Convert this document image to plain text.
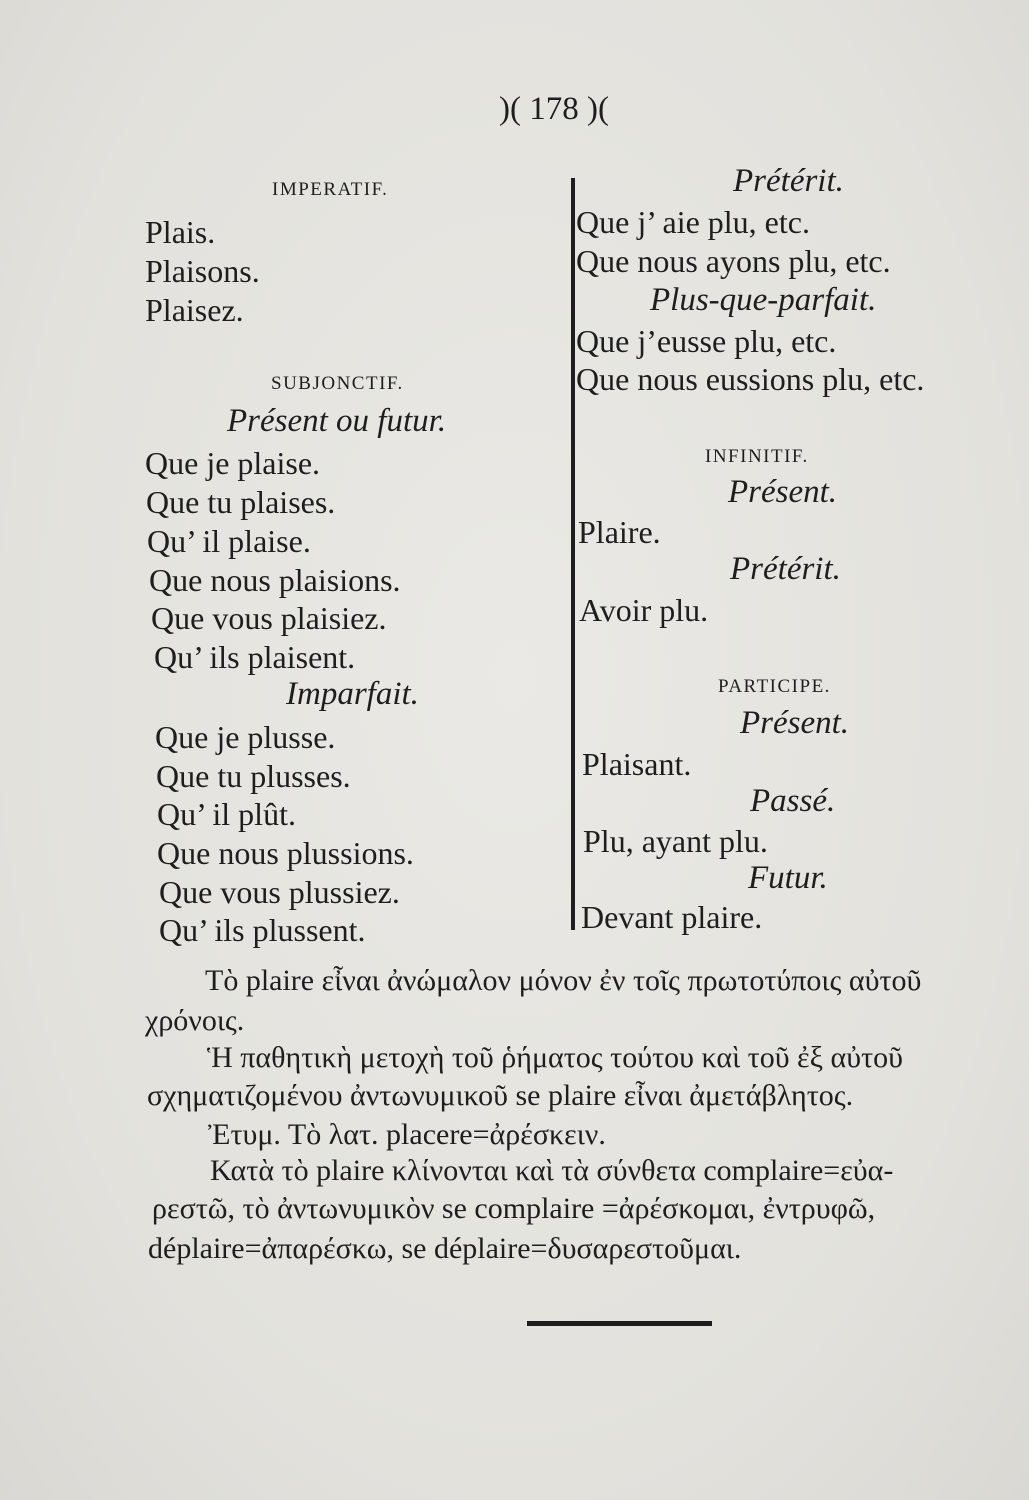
)( 178 )(
IMPERATIF.
Plais.
Plaisons.
Plaisez.
SUBJONCTIF.
Présent ou futur.
Que je plaise.
Que tu plaises.
Qu’ il plaise.
Que nous plaisions.
Que vous plaisiez.
Qu’ ils plaisent.
Imparfait.
Que je plusse.
Que tu plusses.
Qu’ il plût.
Que nous plussions.
Que vous plussiez.
Qu’ ils plussent.
Prétérit.
Que j’ aie plu, etc.
Que nous ayons plu, etc.
Plus-que-parfait.
Que j’eusse plu, etc.
Que nous eussions plu, etc.
INFINITIF.
Présent.
Plaire.
Prétérit.
Avoir plu.
PARTICIPE.
Présent.
Plaisant.
Passé.
Plu, ayant plu.
Futur.
Devant plaire.
Τὸ plaire εἶναι ἀνώμαλον μόνον ἐν τοῖς πρωτοτύποις αὐτοῦ
χρόνοις.
Ἡ παθητικὴ μετοχὴ τοῦ ῥήματος τούτου καὶ τοῦ ἐξ αὐτοῦ
σχηματιζομένου ἀντωνυμικοῦ se plaire εἶναι ἀμετάβλητος.
Ἐτυμ. Τὸ λατ. placere=ἀρέσκειν.
Κατὰ τὸ plaire κλίνονται καὶ τὰ σύνθετα complaire=εὐα-
ρεστῶ, τὸ ἀντωνυμικὸν se complaire =ἀρέσκομαι, ἐντρυφῶ,
déplaire=ἀπαρέσκω, se déplaire=δυσαρεστοῦμαι.
